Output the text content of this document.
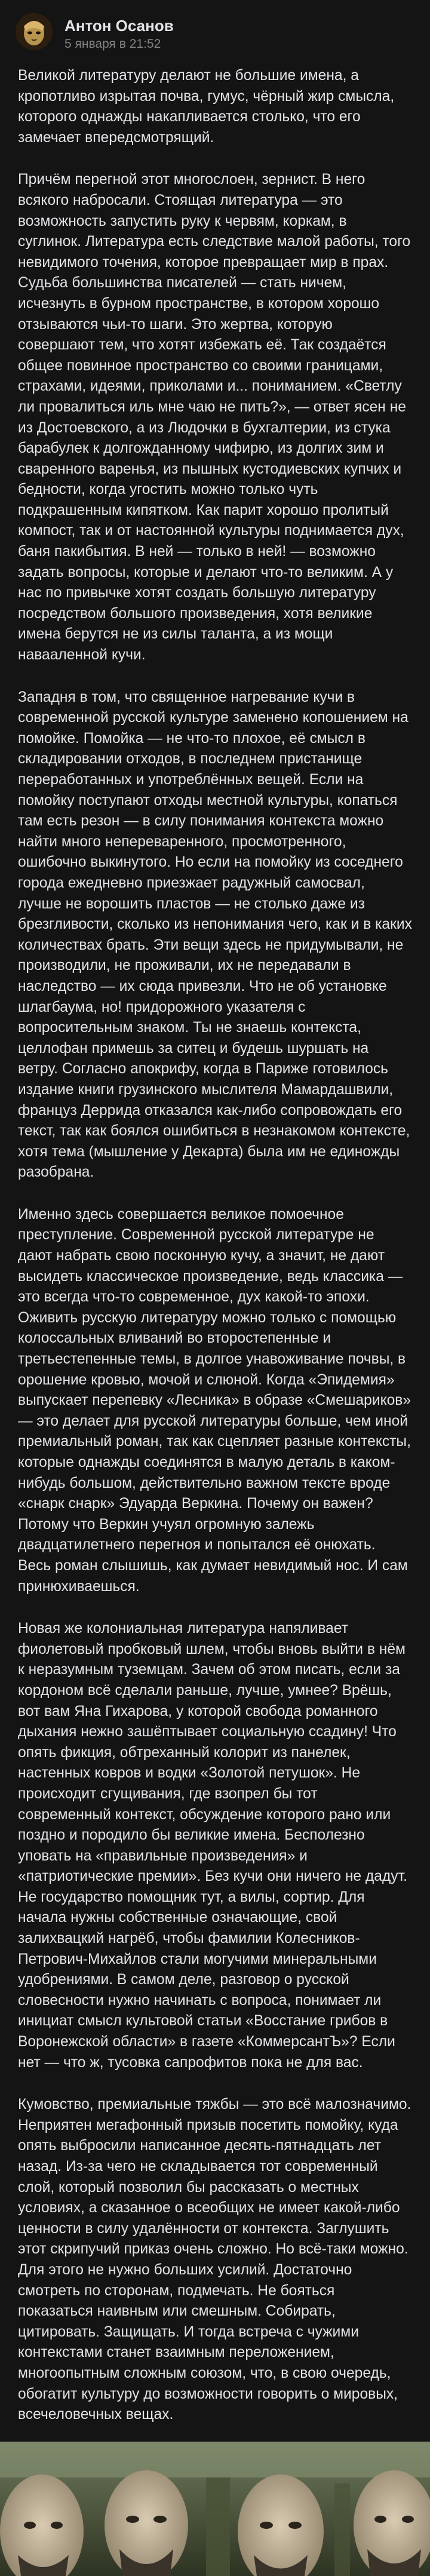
Антон Осанов
5 января в 21:52

Великой литературу делают не большие имена, а кропотливо изрытая почва, гумус, чёрный жир смысла, которого однажды накапливается столько, что его замечает впередсмотрящий.

Причём перегной этот многослоен, зернист. В него всякого набросали. Стоящая литература — это возможность запустить руку к червям, коркам, в суглинок. Литература есть следствие малой работы, того невидимого точения, которое превращает мир в прах. Судьба большинства писателей — стать ничем, исчезнуть в бурном пространстве, в котором хорошо отзываются чьи-то шаги. Это жертва, которую совершают тем, что хотят избежать её. Так создаётся общее повинное пространство со своими границами, страхами, идеями, приколами и... пониманием. «Светлу ли провалиться иль мне чаю не пить?», — ответ ясен не из Достоевского, а из Людочки в бухгалтерии, из стука барабулек к долгожданному чифирю, из долгих зим и сваренного варенья, из пышных кустодиевских купчих и бедности, когда угостить можно только чуть подкрашенным кипятком. Как парит хорошо пролитый компост, так и от настоянной культуры поднимается дух, баня пакибытия. В ней — только в ней! — возможно задать вопросы, которые и делают что-то великим. А у нас по привычке хотят создать большую литературу посредством большого произведения, хотя великие имена берутся не из силы таланта, а из мощи навааленной кучи.

Западня в том, что священное нагревание кучи в современной русской культуре заменено копошением на помойке. Помойка — не что-то плохое, её смысл в складировании отходов, в последнем пристанище переработанных и употреблённых вещей. Если на помойку поступают отходы местной культуры, копаться там есть резон — в силу понимания контекста можно найти много непереваренного, просмотренного, ошибочно выкинутого. Но если на помойку из соседнего города ежедневно приезжает радужный самосвал, лучше не ворошить пластов — не столько даже из брезгливости, сколько из непонимания чего, как и в каких количествах брать. Эти вещи здесь не придумывали, не производили, не проживали, их не передавали в наследство — их сюда привезли. Что не об установке шлагбаума, но! придорожного указателя с вопросительным знаком. Ты не знаешь контекста, целлофан примешь за ситец и будешь шуршать на ветру. Согласно апокрифу, когда в Париже готовилось издание книги грузинского мыслителя Мамардашвили, француз Деррида отказался как-либо сопровождать его текст, так как боялся ошибиться в незнакомом контексте, хотя тема (мышление у Декарта) была им не единожды разобрана.

Именно здесь совершается великое помоечное преступление. Современной русской литературе не дают набрать свою посконную кучу, а значит, не дают высидеть классическое произведение, ведь классика — это всегда что-то современное, дух какой-то эпохи. Оживить русскую литературу можно только с помощью колоссальных вливаний во второстепенные и третьестепенные темы, в долгое унавоживание почвы, в орошение кровью, мочой и слюной. Когда «Эпидемия» выпускает перепевку «Лесника» в образе «Смешариков» — это делает для русской литературы больше, чем иной премиальный роман, так как сцепляет разные контексты, которые однажды соединятся в малую деталь в каком-нибудь большом, действительно важном тексте вроде «снарк снарк» Эдуарда Веркина. Почему он важен? Потому что Веркин учуял огромную залежь двадцатилетнего перегноя и попытался её онюхать. Весь роман слышишь, как думает невидимый нос. И сам принюхиваешься.

Новая же колониальная литература напяливает фиолетовый пробковый шлем, чтобы вновь выйти в нём к неразумным туземцам. Зачем об этом писать, если за кордоном всё сделали раньше, лучше, умнее? Врёшь, вот вам Яна Гихарова, у которой свобода романного дыхания нежно зашёптывает социальную ссадину! Что опять фикция, обтреханный колорит из панелек, настенных ковров и водки «Золотой петушок». Не происходит сгущивания, где взопрел бы тот современный контекст, обсуждение которого рано или поздно и породило бы великие имена. Бесполезно уповать на «правильные произведения» и «патриотические премии». Без кучи они ничего не дадут. Не государство помощник тут, а вилы, сортир. Для начала нужны собственные означающие, свой залихвацкий нагрёб, чтобы фамилии Колесников-Петрович-Михайлов стали могучими минеральными удобрениями. В самом деле, разговор о русской словесности нужно начинать с вопроса, понимает ли инициат смысл культовой статьи «Восстание грибов в Воронежской области» в газете «КоммерсантЪ»? Если нет — что ж, тусовка сапрофитов пока не для вас.

Кумовство, премиальные тяжбы — это всё малозначимо. Неприятен мегафонный призыв посетить помойку, куда опять выбросили написанное десять-пятнадцать лет назад. Из-за чего не складывается тот современный слой, который позволил бы рассказать о местных условиях, а сказанное о всеобщих не имеет какой-либо ценности в силу удалённости от контекста. Заглушить этот скрипучий приказ очень сложно. Но всё-таки можно. Для этого не нужно больших усилий. Достаточно смотреть по сторонам, подмечать. Не бояться показаться наивным или смешным. Собирать, цитировать. Защищать. И тогда встреча с чужими контекстами станет взаимным переложением, многоопытным сложным союзом, что, в свою очередь, обогатит культуру до возможности говорить о мировых, всечеловечных вещах.
